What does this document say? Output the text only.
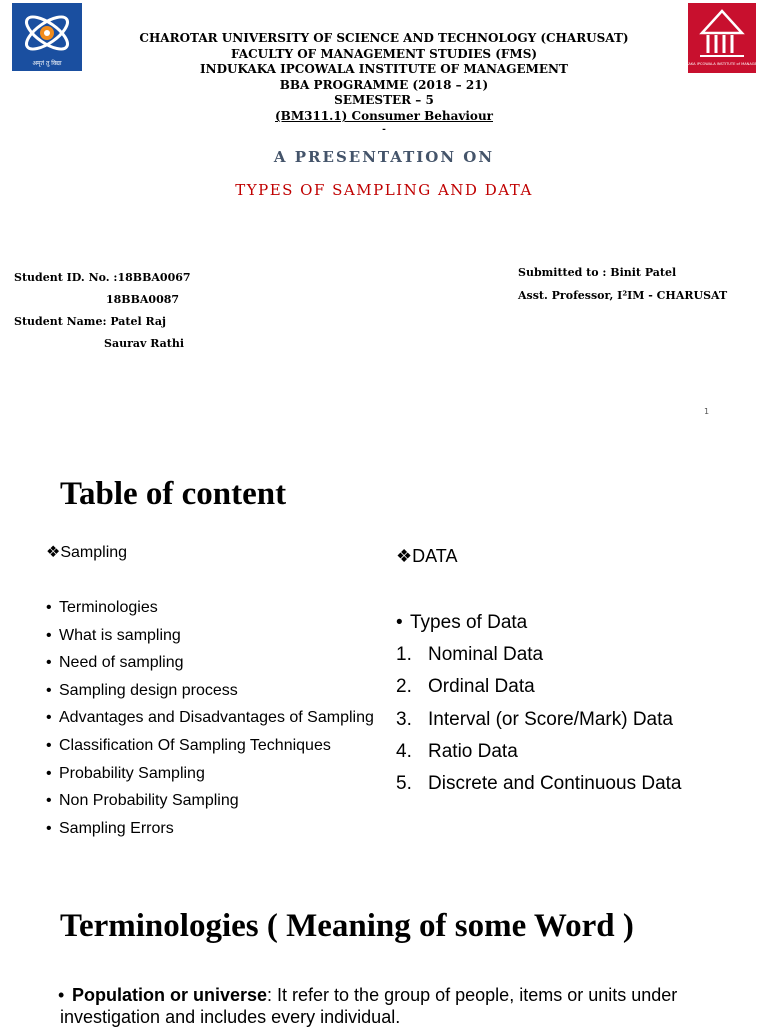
अमृतं तु विद्या	INDUKAKA IPCOWALA INSTITUTE of MANAGEMENT
CHAROTAR UNIVERSITY OF SCIENCE AND TECHNOLOGY (CHARUSAT)
FACULTY OF MANAGEMENT STUDIES (FMS)
INDUKAKA IPCOWALA INSTITUTE OF MANAGEMENT
BBA PROGRAMME (2018 – 21)
SEMESTER – 5
(BM311.1) Consumer Behaviour
-
A PRESENTATION ON
TYPES OF SAMPLING AND DATA
Student ID. No. :18BBA0067
18BBA0087
Student Name: Patel Raj
Saurav Rathi
Submitted to : Binit Patel
Asst. Professor, I²IM - CHARUSAT
1
Table of content
❖Sampling	❖DATA
• Terminologies
• What is sampling
• Need of sampling
• Sampling design process
• Advantages and Disadvantages of Sampling
• Classification Of Sampling Techniques
• Probability Sampling
• Non Probability Sampling
• Sampling Errors
• Types of Data
1. Nominal Data
2. Ordinal Data
3. Interval (or Score/Mark) Data
4. Ratio Data
5. Discrete and Continuous Data
Terminologies ( Meaning of some Word )
• Population or universe: It refer to the group of people, items or units under investigation and includes every individual.
